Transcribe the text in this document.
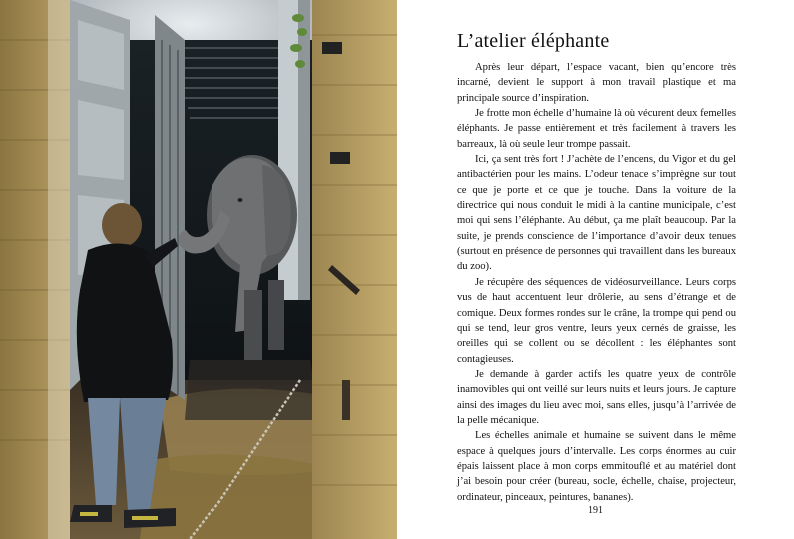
L’atelier éléphante

Après leur départ, l’espace vacant, bien qu’encore très incarné, devient le support à mon travail plastique et ma principale source d’inspiration.

Je frotte mon échelle d’humaine là où vécurent deux femelles éléphants. Je passe entièrement et très facilement à travers les barreaux, là où seule leur trompe passait.

Ici, ça sent très fort ! J’achète de l’encens, du Vigor et du gel antibactérien pour les mains. L’odeur tenace s’imprègne sur tout ce que je porte et ce que je touche. Dans la voiture de la directrice qui nous conduit le midi à la cantine municipale, c’est moi qui sens l’éléphante. Au début, ça me plaît beaucoup. Par la suite, je prends conscience de l’importance d’avoir deux tenues (surtout en présence de personnes qui travaillent dans les bureaux du zoo).

Je récupère des séquences de vidéosurveillance. Leurs corps vus de haut accentuent leur drôlerie, au sens d’étrange et de comique. Deux formes rondes sur le crâne, la trompe qui pend ou qui se tend, leur gros ventre, leurs yeux cernés de graisse, les oreilles qui se collent ou se décollent : les éléphantes sont contagieuses.

Je demande à garder actifs les quatre yeux de contrôle inamovibles qui ont veillé sur leurs nuits et leurs jours. Je capture ainsi des images du lieu avec moi, sans elles, jusqu’à l’arrivée de la pelle mécanique.

Les échelles animale et humaine se suivent dans le même espace à quelques jours d’intervalle. Les corps énormes au cuir épais laissent place à mon corps emmitouflé et au matériel dont j’ai besoin pour créer (bureau, socle, échelle, chaise, projecteur, ordinateur, pinceaux, peintures, bananes).

191
